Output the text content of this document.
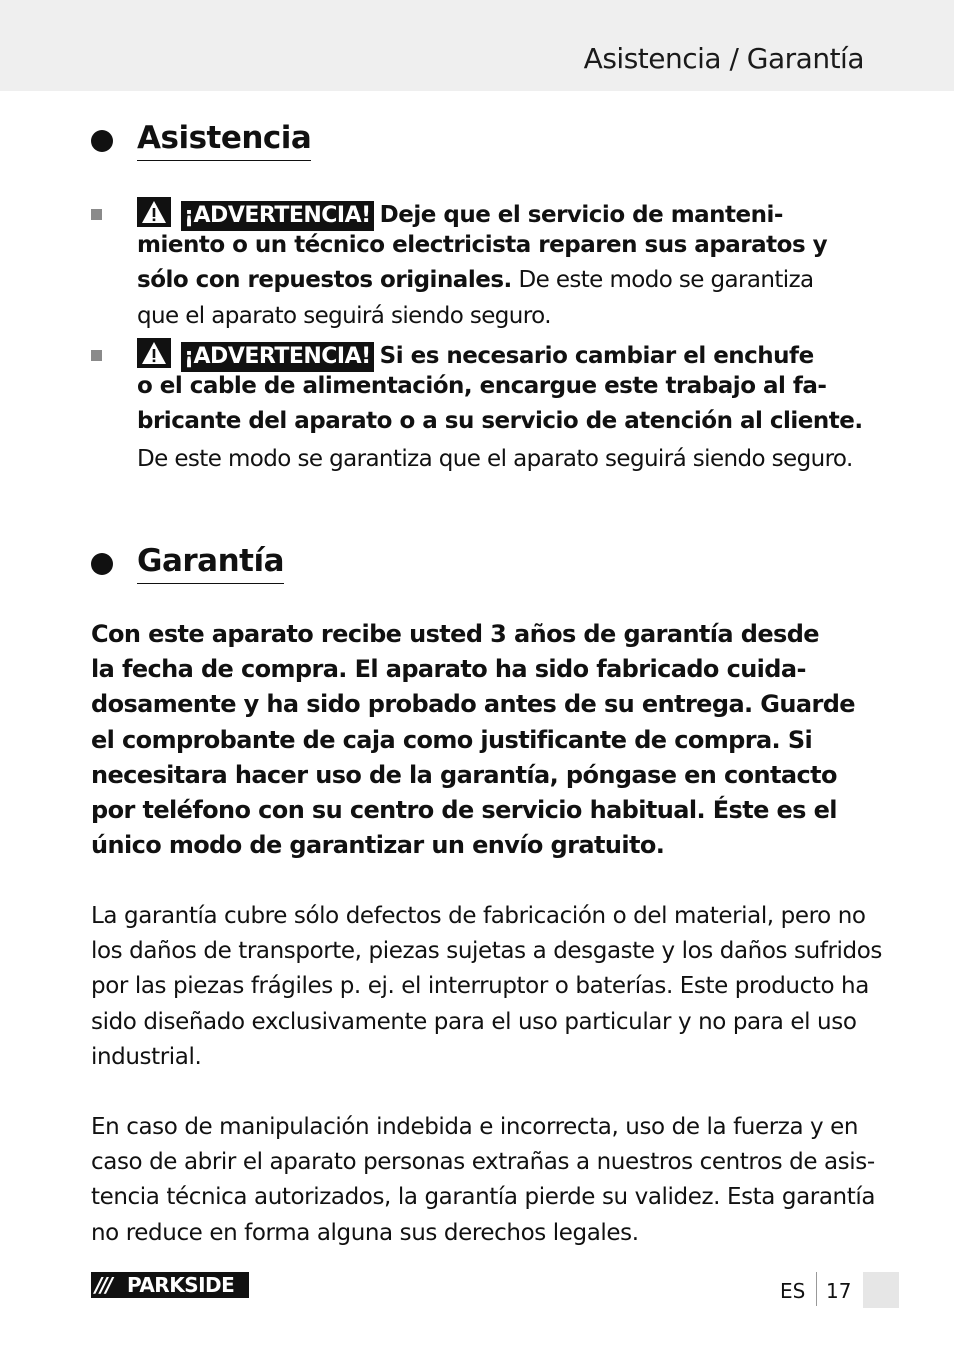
Asistencia / Garantía
Asistencia
¡ADVERTENCIA! Deje que el servicio de manteni-
miento o un técnico electricista reparen sus aparatos y
sólo con repuestos originales. De este modo se garantiza
que el aparato seguirá siendo seguro.
¡ADVERTENCIA! Si es necesario cambiar el enchufe
o el cable de alimentación, encargue este trabajo al fa-
bricante del aparato o a su servicio de atención al cliente.
De este modo se garantiza que el aparato seguirá siendo seguro.
Garantía
Con este aparato recibe usted 3 años de garantía desde
la fecha de compra. El aparato ha sido fabricado cuida-
dosamente y ha sido probado antes de su entrega. Guarde
el comprobante de caja como justificante de compra. Si
necesitara hacer uso de la garantía, póngase en contacto
por teléfono con su centro de servicio habitual. Éste es el
único modo de garantizar un envío gratuito.
La garantía cubre sólo defectos de fabricación o del material, pero no
los daños de transporte, piezas sujetas a desgaste y los daños sufridos
por las piezas frágiles p. ej. el interruptor o baterías. Este producto ha
sido diseñado exclusivamente para el uso particular y no para el uso
industrial.
En caso de manipulación indebida e incorrecta, uso de la fuerza y en
caso de abrir el aparato personas extrañas a nuestros centros de asis-
tencia técnica autorizados, la garantía pierde su validez. Esta garantía
no reduce en forma alguna sus derechos legales.
/// PARKSIDE	ES 17
